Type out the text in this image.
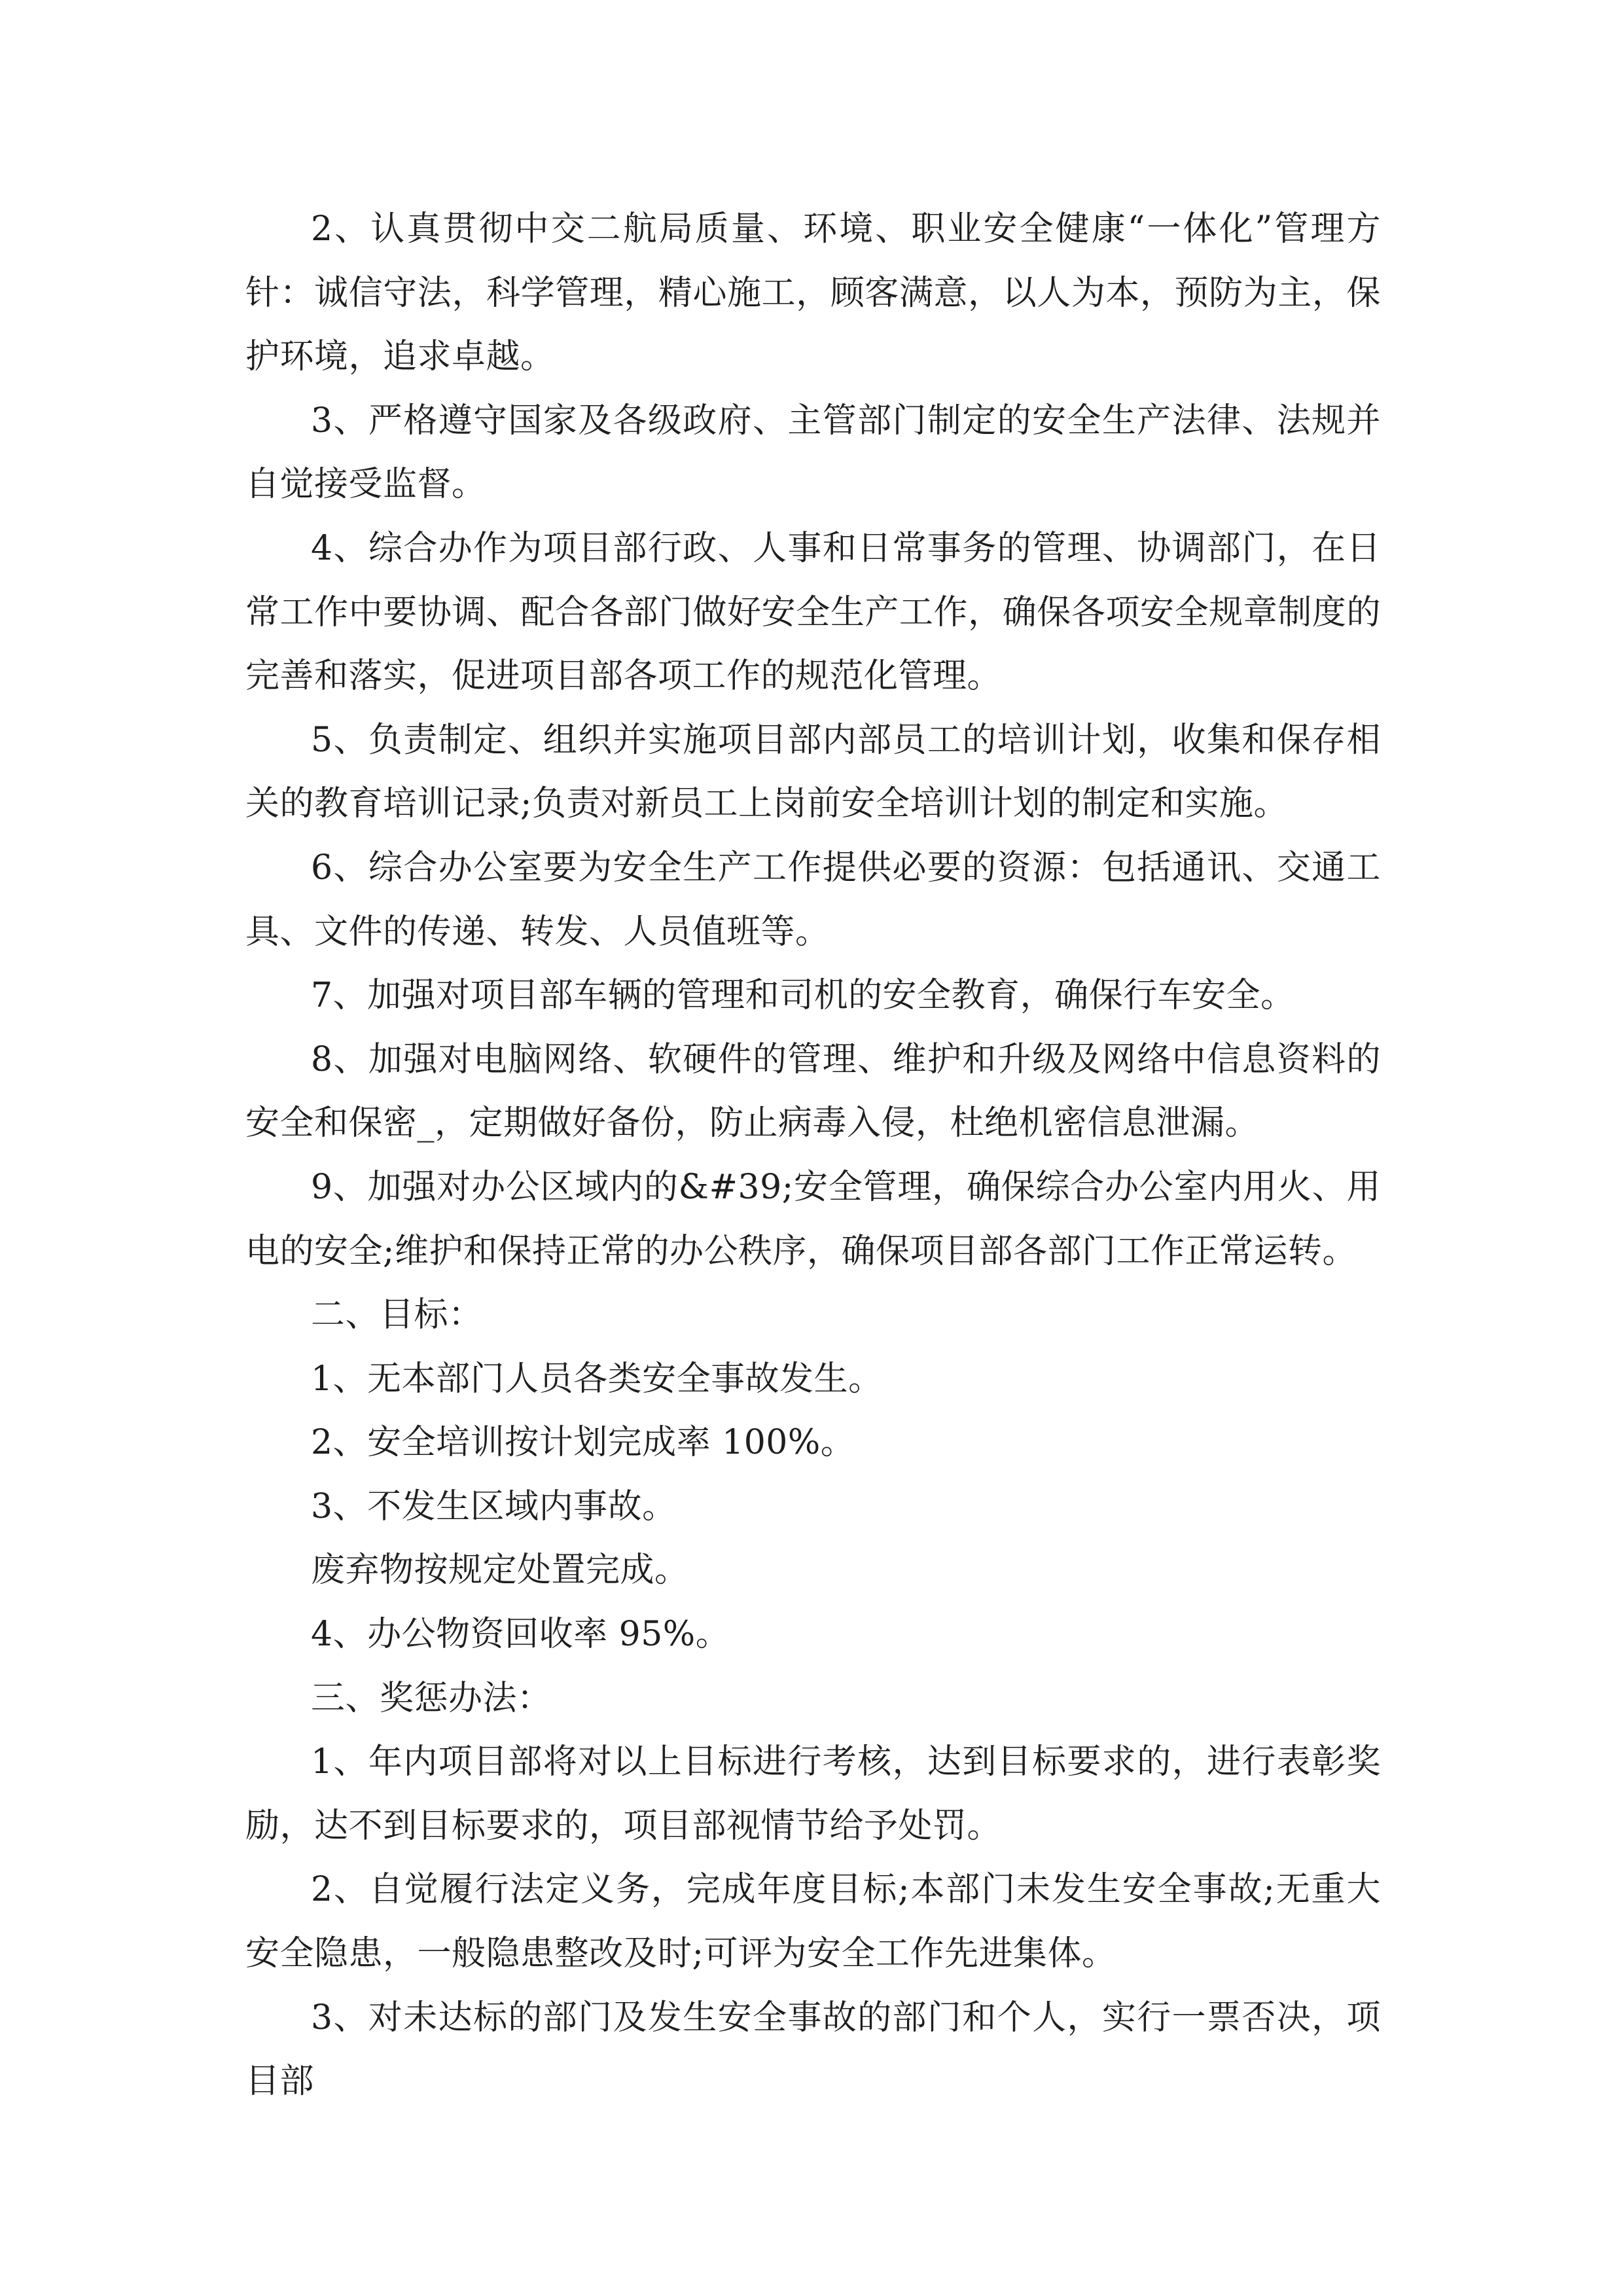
2、认真贯彻中交二航局质量、环境、职业安全健康“一体化”管理方针：诚信守法，科学管理，精心施工，顾客满意，以人为本，预防为主，保护环境，追求卓越。

3、严格遵守国家及各级政府、主管部门制定的安全生产法律、法规并自觉接受监督。

4、综合办作为项目部行政、人事和日常事务的管理、协调部门，在日常工作中要协调、配合各部门做好安全生产工作，确保各项安全规章制度的完善和落实，促进项目部各项工作的规范化管理。

5、负责制定、组织并实施项目部内部员工的培训计划，收集和保存相关的教育培训记录;负责对新员工上岗前安全培训计划的制定和实施。

6、综合办公室要为安全生产工作提供必要的资源：包括通讯、交通工具、文件的传递、转发、人员值班等。

7、加强对项目部车辆的管理和司机的安全教育，确保行车安全。

8、加强对电脑网络、软硬件的管理、维护和升级及网络中信息资料的安全和保密_，定期做好备份，防止病毒入侵，杜绝机密信息泄漏。

9、加强对办公区域内的&#39;安全管理，确保综合办公室内用火、用电的安全;维护和保持正常的办公秩序，确保项目部各部门工作正常运转。

二、目标：

1、无本部门人员各类安全事故发生。

2、安全培训按计划完成率 100%。

3、不发生区域内事故。

废弃物按规定处置完成。

4、办公物资回收率 95%。

三、奖惩办法：

1、年内项目部将对以上目标进行考核，达到目标要求的，进行表彰奖励，达不到目标要求的，项目部视情节给予处罚。

2、自觉履行法定义务，完成年度目标;本部门未发生安全事故;无重大安全隐患，一般隐患整改及时;可评为安全工作先进集体。

3、对未达标的部门及发生安全事故的部门和个人，实行一票否决，项目部
